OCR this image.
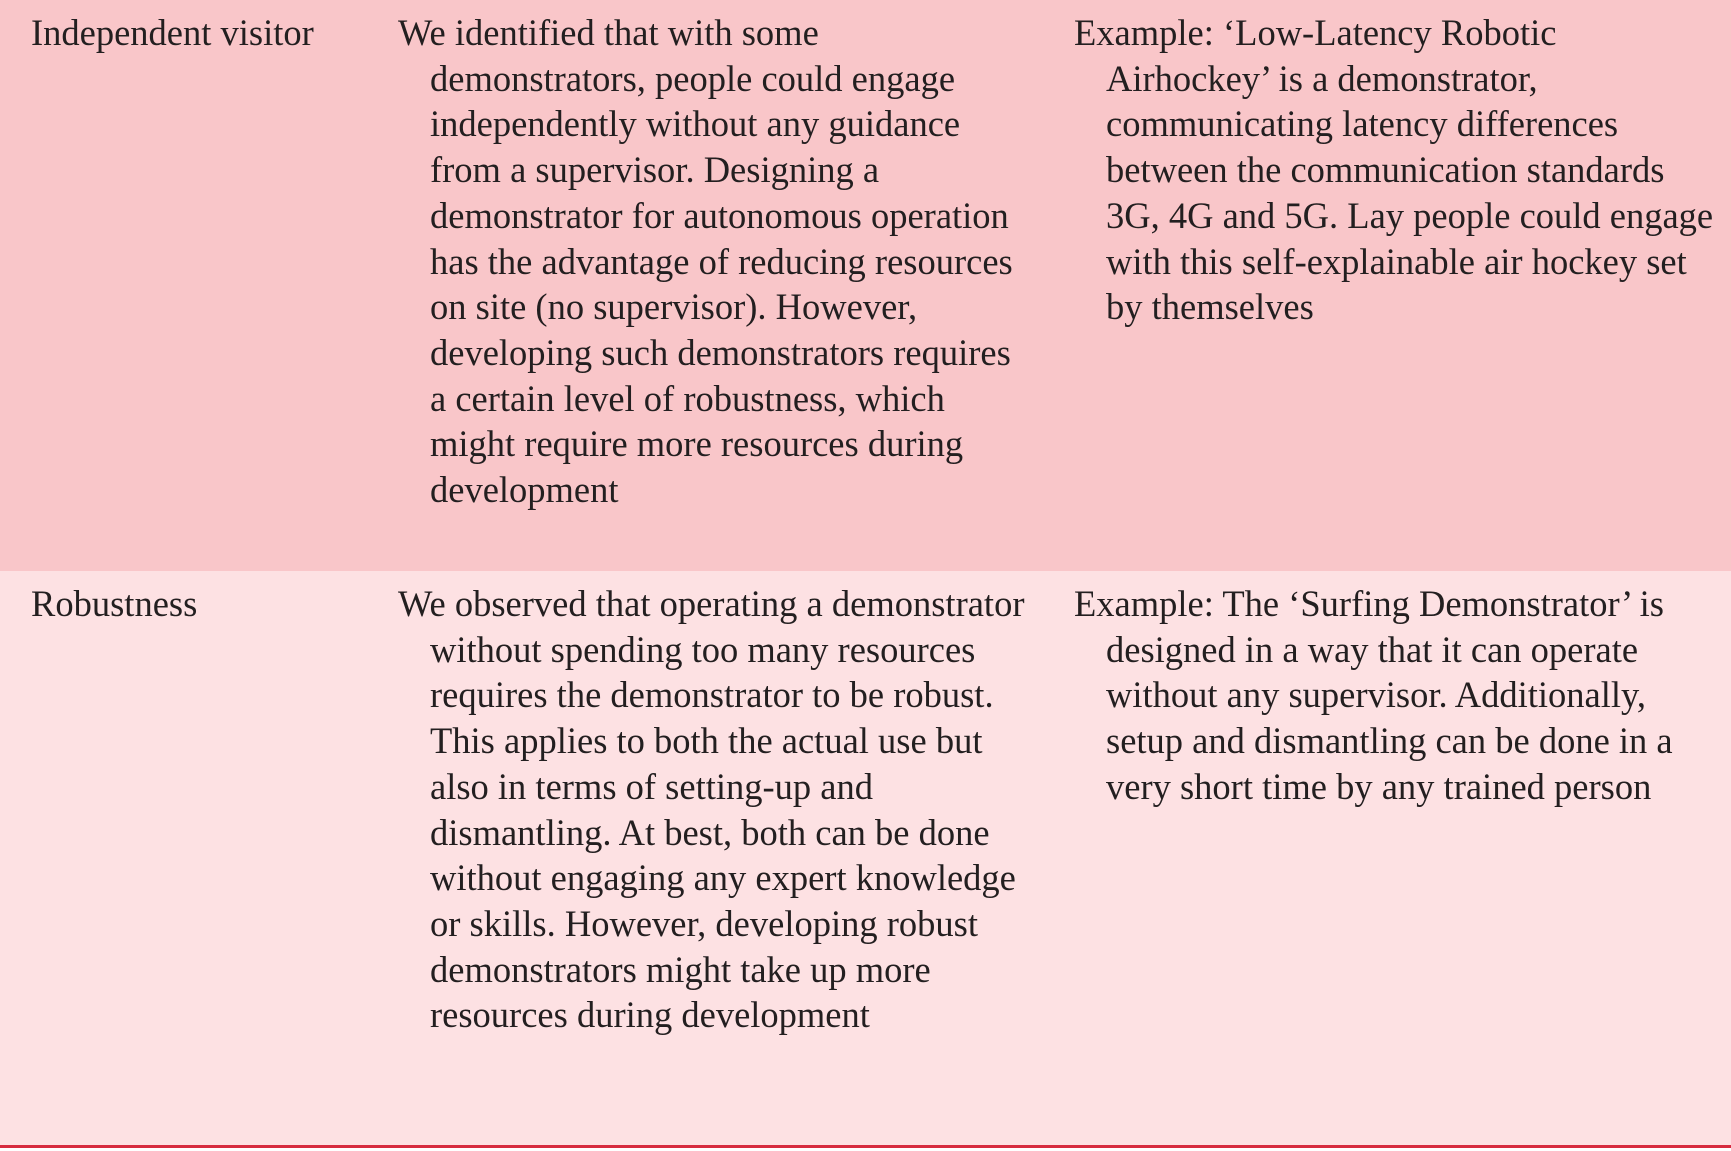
Independent visitor	We identified that with some demonstrators, people could engage independently without any guidance from a supervisor. Designing a demonstrator for autonomous operation has the advantage of reducing resources on site (no supervisor). However, developing such demonstrators requires a certain level of robustness, which might require more resources during development

Example: ‘Low-Latency Robotic Airhockey’ is a demonstrator, communicating latency differences between the communication standards 3G, 4G and 5G. Lay people could engage with this self-explainable air hockey set by themselves

Robustness	We observed that operating a demonstrator without spending too many resources requires the demonstrator to be robust. This applies to both the actual use but also in terms of setting-up and dismantling. At best, both can be done without engaging any expert knowledge or skills. However, developing robust demonstrators might take up more resources during development

Example: The ‘Surfing Demonstrator’ is designed in a way that it can operate without any supervisor. Additionally, setup and dismantling can be done in a very short time by any trained person
